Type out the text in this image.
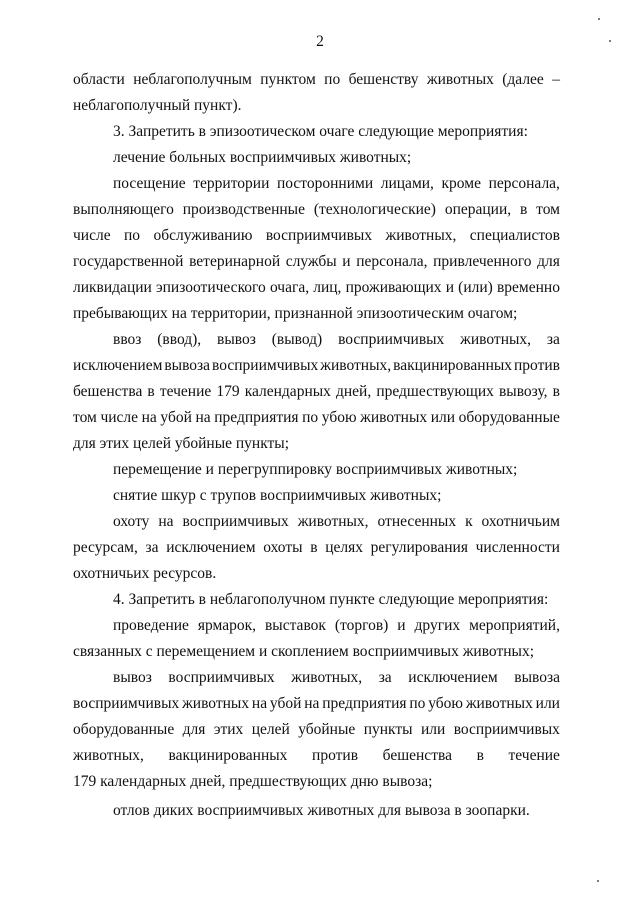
2
области неблагополучным пунктом по бешенству животных (далее –
неблагополучный пункт).
3. Запретить в эпизоотическом очаге следующие мероприятия:
лечение больных восприимчивых животных;
посещение территории посторонними лицами, кроме персонала,
выполняющего производственные (технологические) операции, в том
числе по обслуживанию восприимчивых животных, специалистов
государственной ветеринарной службы и персонала, привлеченного для
ликвидации эпизоотического очага, лиц, проживающих и (или) временно
пребывающих на территории, признанной эпизоотическим очагом;
ввоз (ввод), вывоз (вывод) восприимчивых животных, за
исключением вывоза восприимчивых животных, вакцинированных против
бешенства в течение 179 календарных дней, предшествующих вывозу, в
том числе на убой на предприятия по убою животных или оборудованные
для этих целей убойные пункты;
перемещение и перегруппировку восприимчивых животных;
снятие шкур с трупов восприимчивых животных;
охоту на восприимчивых животных, отнесенных к охотничьим
ресурсам, за исключением охоты в целях регулирования численности
охотничьих ресурсов.
4. Запретить в неблагополучном пункте следующие мероприятия:
проведение ярмарок, выставок (торгов) и других мероприятий,
связанных с перемещением и скоплением восприимчивых животных;
вывоз восприимчивых животных, за исключением вывоза
восприимчивых животных на убой на предприятия по убою животных или
оборудованные для этих целей убойные пункты или восприимчивых
животных, вакцинированных против бешенства в течение
179 календарных дней, предшествующих дню вывоза;
отлов диких восприимчивых животных для вывоза в зоопарки.
